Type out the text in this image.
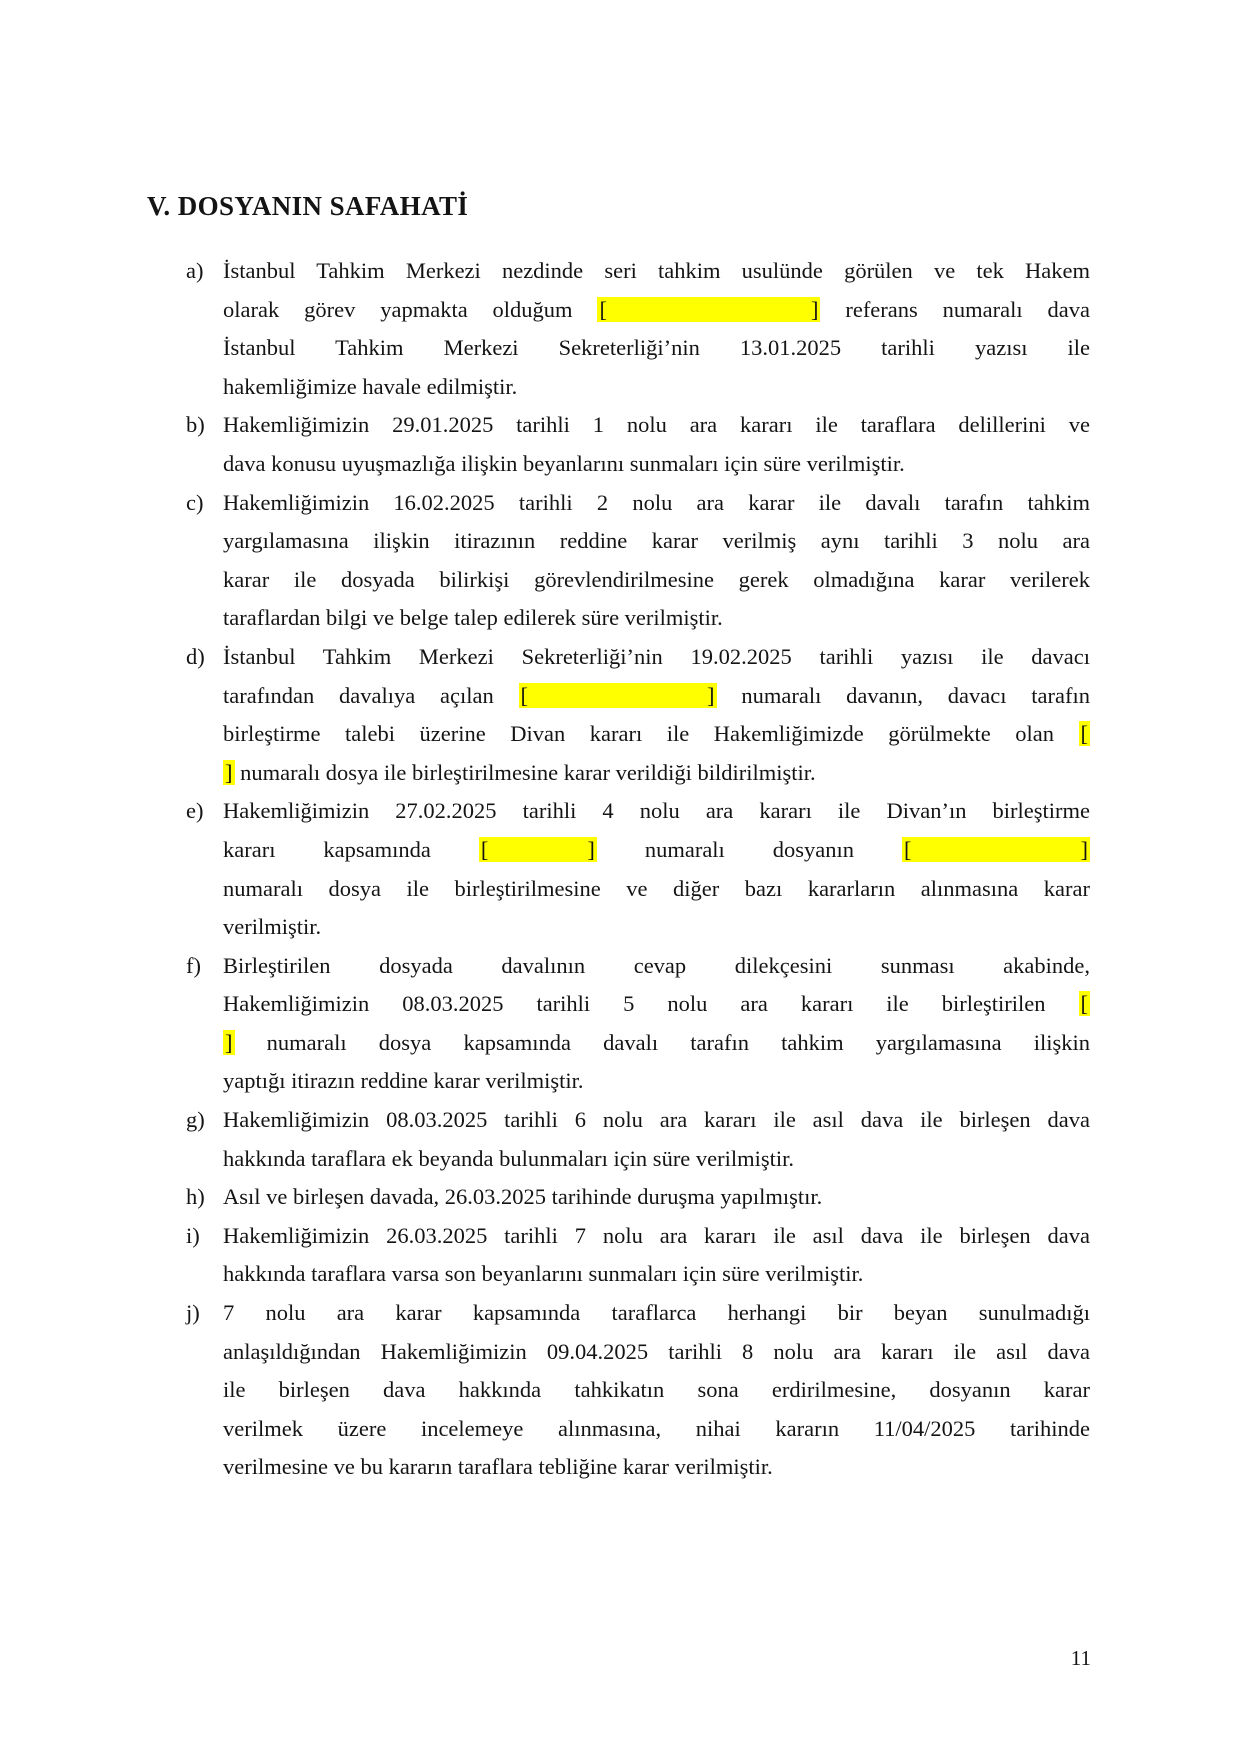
V. DOSYANIN SAFAHATİ
a) İstanbul Tahkim Merkezi nezdinde seri tahkim usulünde görülen ve tek Hakem
olarak görev yapmakta olduğum [	] referans numaralı dava
İstanbul Tahkim Merkezi Sekreterliği’nin 13.01.2025 tarihli yazısı ile
hakemliğimize havale edilmiştir.
b) Hakemliğimizin 29.01.2025 tarihli 1 nolu ara kararı ile taraflara delillerini ve
dava konusu uyuşmazlığa ilişkin beyanlarını sunmaları için süre verilmiştir.
c) Hakemliğimizin 16.02.2025 tarihli 2 nolu ara karar ile davalı tarafın tahkim
yargılamasına ilişkin itirazının reddine karar verilmiş aynı tarihli 3 nolu ara
karar ile dosyada bilirkişi görevlendirilmesine gerek olmadığına karar verilerek
taraflardan bilgi ve belge talep edilerek süre verilmiştir.
d) İstanbul Tahkim Merkezi Sekreterliği’nin 19.02.2025 tarihli yazısı ile davacı
tarafından davalıya açılan [	] numaralı davanın, davacı tarafın
birleştirme talebi üzerine Divan kararı ile Hakemliğimizde görülmekte olan [
] numaralı dosya ile birleştirilmesine karar verildiği bildirilmiştir.
e) Hakemliğimizin 27.02.2025 tarihli 4 nolu ara kararı ile Divan’ın birleştirme
kararı kapsamında [	] numaralı dosyanın [	]
numaralı dosya ile birleştirilmesine ve diğer bazı kararların alınmasına karar
verilmiştir.
f) Birleştirilen dosyada davalının cevap dilekçesini sunması akabinde,
Hakemliğimizin 08.03.2025 tarihli 5 nolu ara kararı ile birleştirilen [
] numaralı dosya kapsamında davalı tarafın tahkim yargılamasına ilişkin
yaptığı itirazın reddine karar verilmiştir.
g) Hakemliğimizin 08.03.2025 tarihli 6 nolu ara kararı ile asıl dava ile birleşen dava
hakkında taraflara ek beyanda bulunmaları için süre verilmiştir.
h) Asıl ve birleşen davada, 26.03.2025 tarihinde duruşma yapılmıştır.
i)	Hakemliğimizin 26.03.2025 tarihli 7 nolu ara kararı ile asıl dava ile birleşen dava
hakkında taraflara varsa son beyanlarını sunmaları için süre verilmiştir.
j)	7 nolu ara karar kapsamında taraflarca herhangi bir beyan sunulmadığı
anlaşıldığından Hakemliğimizin 09.04.2025 tarihli 8 nolu ara kararı ile asıl dava
ile birleşen dava hakkında tahkikatın sona erdirilmesine, dosyanın karar
verilmek üzere incelemeye alınmasına, nihai kararın 11/04/2025 tarihinde
verilmesine ve bu kararın taraflara tebliğine karar verilmiştir.
11
